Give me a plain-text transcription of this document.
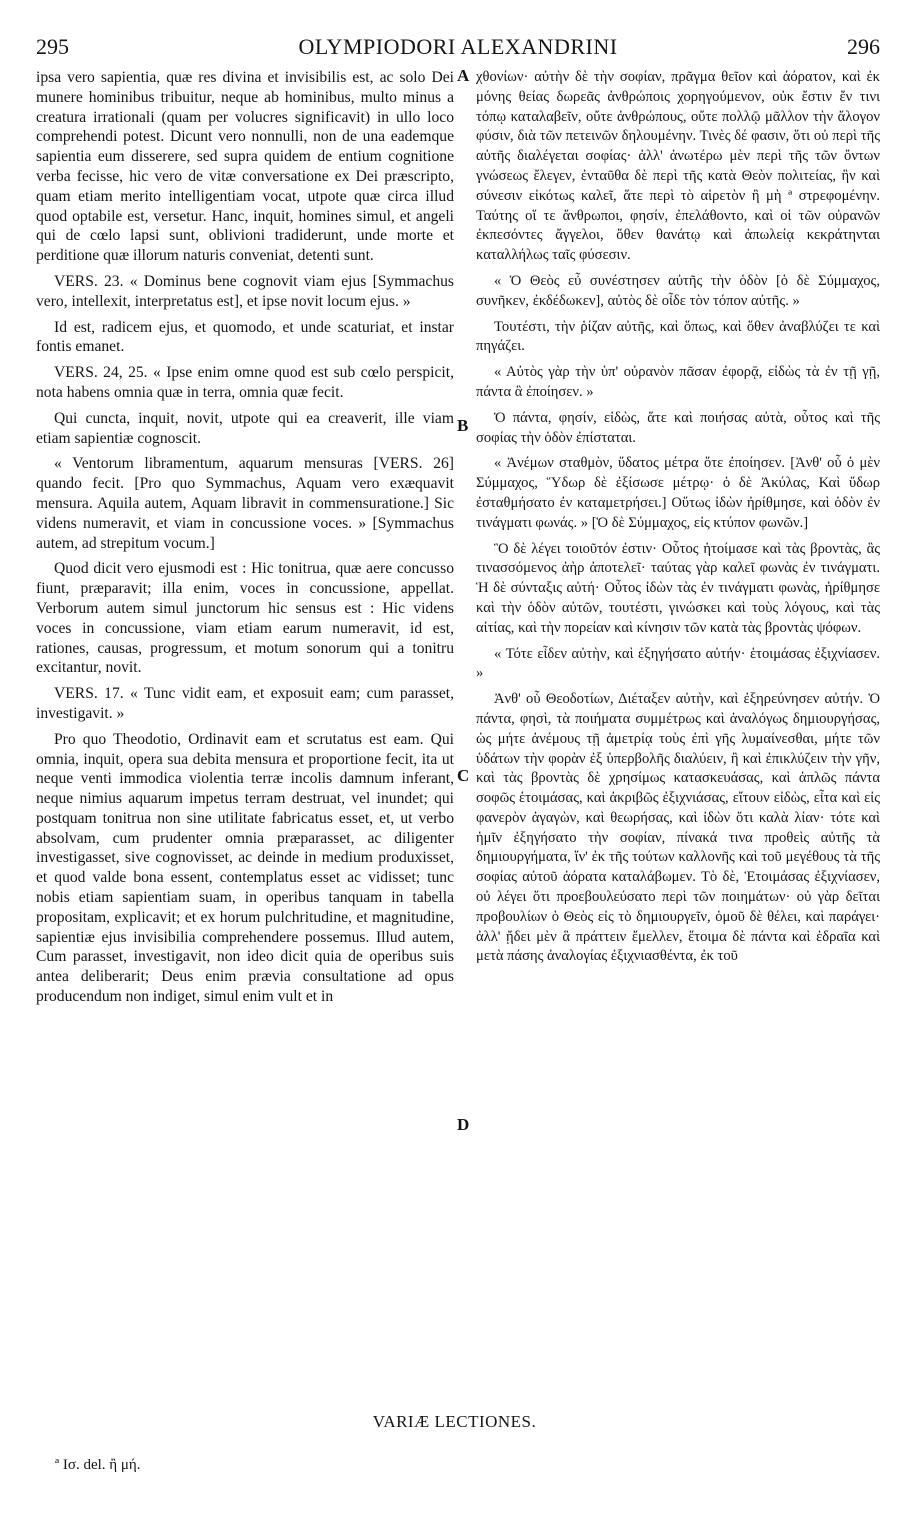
295	OLYMPIODORI ALEXANDRINI	296

ipsa vero sapientia, quæ res divina et invisibilis est, ac solo Dei munere hominibus tribuitur, neque ab hominibus, multo minus a creatura irrationali (quam per volucres significavit) in ullo loco comprehendi potest. Dicunt vero nonnulli, non de una eademque sapientia eum disserere, sed supra quidem de entium cognitione verba fecisse, hic vero de vitæ conversatione ex Dei præscripto, quam etiam merito intelligentiam vocat, utpote quæ circa illud quod optabile est, versetur. Hanc, inquit, homines simul, et angeli qui de cœlo lapsi sunt, oblivioni tradiderunt, unde morte et perditione quæ illorum naturis conveniat, detenti sunt.

VERS. 23. « Dominus bene cognovit viam ejus [Symmachus vero, intellexit, interpretatus est], et ipse novit locum ejus. »

Id est, radicem ejus, et quomodo, et unde scaturiat, et instar fontis emanet.

VERS. 24, 25. « Ipse enim omne quod est sub cœlo perspicit, nota habens omnia quæ in terra, omnia quæ fecit.

Qui cuncta, inquit, novit, utpote qui ea creaverit, ille viam etiam sapientiæ cognoscit.

« Ventorum libramentum, aquarum mensuras [VERS. 26] quando fecit. [Pro quo Symmachus, Aquam vero exæquavit mensura. Aquila autem, Aquam libravit in commensuratione.] Sic videns numeravit, et viam in concussione voces. » [Symmachus autem, ad strepitum vocum.]

Quod dicit vero ejusmodi est : Hic tonitrua, quæ aere concusso fiunt, præparavit; illa enim, voces in concussione, appellat. Verborum autem simul junctorum hic sensus est : Hic videns voces in concussione, viam etiam earum numeravit, id est, rationes, causas, progressum, et motum sonorum qui a tonitru excitantur, novit.

VERS. 17. « Tunc vidit eam, et exposuit eam; cum parasset, investigavit. »

Pro quo Theodotio, Ordinavit eam et scrutatus est eam. Qui omnia, inquit, opera sua debita mensura et proportione fecit, ita ut neque venti immodica violentia terræ incolis damnum inferant, neque nimius aquarum impetus terram destruat, vel inundet; qui postquam tonitrua non sine utilitate fabricatus esset, et, ut verbo absolvam, cum prudenter omnia præparasset, ac diligenter investigasset, sive cognovisset, ac deinde in medium produxisset, et quod valde bona essent, contemplatus esset ac vidisset; tunc nobis etiam sapientiam suam, in operibus tanquam in tabella propositam, explicavit; et ex horum pulchritudine, et magnitudine, sapientiæ ejus invisibilia comprehendere possemus. Illud autem, Cum parasset, investigavit, non ideo dicit quia de operibus suis antea deliberarit; Deus enim prævia consultatione ad opus producendum non indiget, simul enim vult et in

A
B
C
D

χθονίων· αὐτὴν δὲ τὴν σοφίαν, πρᾶγμα θεῖον καὶ ἀόρατον, καὶ ἐκ μόνης θείας δωρεᾶς ἀνθρώποις χορηγούμενον, οὐκ ἔστιν ἔν τινι τόπῳ καταλαβεῖν, οὔτε ἀνθρώπους, οὔτε πολλῷ μᾶλλον τὴν ἄλογον φύσιν, διὰ τῶν πετεινῶν δηλουμένην. Τινὲς δέ φασιν, ὅτι οὐ περὶ τῆς αὐτῆς διαλέγεται σοφίας· ἀλλ' ἀνωτέρω μὲν περὶ τῆς τῶν ὄντων γνώσεως ἔλεγεν, ἐνταῦθα δὲ περὶ τῆς κατὰ Θεὸν πολιτείας, ἣν καὶ σύνεσιν εἰκότως καλεῖ, ἅτε περὶ τὸ αἱρετὸν ἢ μὴ ª στρεφομένην. Ταύτης οἵ τε ἄνθρωποι, φησίν, ἐπελάθοντο, καὶ οἱ τῶν οὐρανῶν ἐκπεσόντες ἄγγελοι, ὅθεν θανάτῳ καὶ ἀπωλείᾳ κεκράτηνται καταλλήλως ταῖς φύσεσιν.

« Ὁ Θεὸς εὖ συνέστησεν αὐτῆς τὴν ὁδὸν [ὁ δὲ Σύμμαχος, συνῆκεν, ἐκδέδωκεν], αὐτὸς δὲ οἶδε τὸν τόπον αὐτῆς. »

Τουτέστι, τὴν ῥίζαν αὐτῆς, καὶ ὅπως, καὶ ὅθεν ἀναβλύζει τε καὶ πηγάζει.

« Αὐτὸς γὰρ τὴν ὑπ' οὐρανὸν πᾶσαν ἐφορᾷ, εἰδὼς τὰ ἐν τῇ γῇ, πάντα ἃ ἐποίησεν. »

Ὁ πάντα, φησίν, εἰδὼς, ἅτε καὶ ποιήσας αὐτὰ, οὗτος καὶ τῆς σοφίας τὴν ὁδὸν ἐπίσταται.

« Ἀνέμων σταθμὸν, ὕδατος μέτρα ὅτε ἐποίησεν. [Ἀνθ' οὗ ὁ μὲν Σύμμαχος, Ὕδωρ δὲ ἐξίσωσε μέτρῳ· ὁ δὲ Ἀκύλας, Καὶ ὕδωρ ἐσταθμήσατο ἐν καταμετρήσει.] Οὕτως ἰδὼν ἠρίθμησε, καὶ ὁδὸν ἐν τινάγματι φωνάς. » [Ὁ δὲ Σύμμαχος, εἰς κτύπον φωνῶν.]

Ὃ δὲ λέγει τοιοῦτόν ἐστιν· Οὗτος ἡτοίμασε καὶ τὰς βροντὰς, ἃς τινασσόμενος ἀὴρ ἀποτελεῖ· ταύτας γὰρ καλεῖ φωνὰς ἐν τινάγματι. Ἡ δὲ σύνταξις αὐτή· Οὗτος ἰδὼν τὰς ἐν τινάγματι φωνὰς, ἠρίθμησε καὶ τὴν ὁδὸν αὐτῶν, τουτέστι, γινώσκει καὶ τοὺς λόγους, καὶ τὰς αἰτίας, καὶ τὴν πορείαν καὶ κίνησιν τῶν κατὰ τὰς βροντὰς ψόφων.

« Τότε εἶδεν αὐτὴν, καὶ ἐξηγήσατο αὐτήν· ἑτοιμάσας ἐξιχνίασεν. »

Ἀνθ' οὗ Θεοδοτίων, Διέταξεν αὐτὴν, καὶ ἐξηρεύνησεν αὐτήν. Ὁ πάντα, φησὶ, τὰ ποιήματα συμμέτρως καὶ ἀναλόγως δημιουργήσας, ὡς μήτε ἀνέμους τῇ ἀμετρίᾳ τοὺς ἐπὶ γῆς λυμαίνεσθαι, μήτε τῶν ὑδάτων τὴν φορὰν ἐξ ὑπερβολῆς διαλύειν, ἢ καὶ ἐπικλύζειν τὴν γῆν, καὶ τὰς βροντὰς δὲ χρησίμως κατασκευάσας, καὶ ἁπλῶς πάντα σοφῶς ἑτοιμάσας, καὶ ἀκριβῶς ἐξιχνιάσας, εἴτουν εἰδὼς, εἶτα καὶ εἰς φανερὸν ἀγαγὼν, καὶ θεωρήσας, καὶ ἰδὼν ὅτι καλὰ λίαν· τότε καὶ ἡμῖν ἐξηγήσατο τὴν σοφίαν, πίνακά τινα προθεὶς αὐτῆς τὰ δημιουργήματα, ἵν' ἐκ τῆς τούτων καλλονῆς καὶ τοῦ μεγέθους τὰ τῆς σοφίας αὐτοῦ ἀόρατα καταλάβωμεν. Τὸ δὲ, Ἑτοιμάσας ἐξιχνίασεν, οὐ λέγει ὅτι προεβουλεύσατο περὶ τῶν ποιημάτων· οὐ γὰρ δεῖται προβουλίων ὁ Θεὸς εἰς τὸ δημιουργεῖν, ὁμοῦ δὲ θέλει, καὶ παράγει· ἀλλ' ᾔδει μὲν ἃ πράττειν ἔμελλεν, ἕτοιμα δὲ πάντα καὶ ἑδραῖα καὶ μετὰ πάσης ἀναλογίας ἐξιχνιασθέντα, ἐκ τοῦ

VARIÆ LECTIONES.
ª Ισ. del. ἢ μή.
